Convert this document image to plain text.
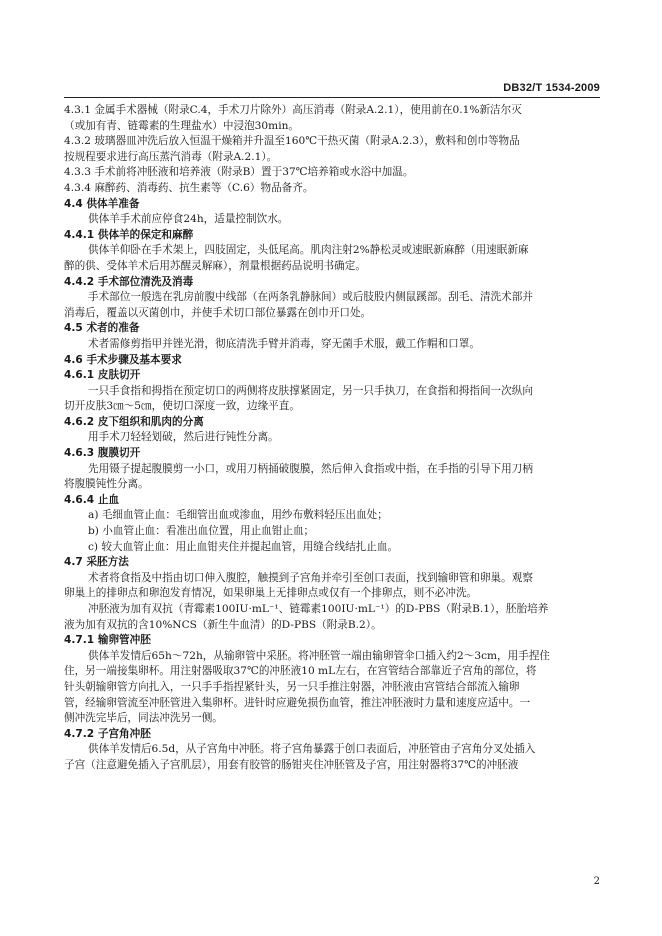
DB32/T 1534-2009
4.3.1 金属手术器械（附录C.4，手术刀片除外）高压消毒（附录A.2.1），使用前在0.1%新洁尔灭
（或加有青、链霉素的生理盐水）中浸泡30min。
4.3.2 玻璃器皿冲洗后放入恒温干燥箱并升温至160℃干热灭菌（附录A.2.3），敷料和创巾等物品
按规程要求进行高压蒸汽消毒（附录A.2.1）。
4.3.3 手术前将冲胚液和培养液（附录B）置于37℃培养箱或水浴中加温。
4.3.4 麻醉药、消毒药、抗生素等（C.6）物品备齐。
4.4 供体羊准备
供体羊手术前应停食24h，适量控制饮水。
4.4.1 供体羊的保定和麻醉
供体羊仰卧在手术架上，四肢固定，头低尾高。肌肉注射2%静松灵或速眠新麻醉（用速眠新麻
醉的供、受体羊术后用苏醒灵解麻），剂量根据药品说明书确定。
4.4.2 手术部位清洗及消毒
手术部位一般选在乳房前腹中线部（在两条乳静脉间）或后肢股内侧鼠蹊部。刮毛、清洗术部并
消毒后，覆盖以灭菌创巾，并使手术切口部位暴露在创巾开口处。
4.5 术者的准备
术者需修剪指甲并锉光滑，彻底清洗手臂并消毒，穿无菌手术服，戴工作帽和口罩。
4.6 手术步骤及基本要求
4.6.1 皮肤切开
一只手食指和拇指在预定切口的两侧将皮肤撑紧固定，另一只手执刀，在食指和拇指间一次纵向
切开皮肤3㎝～5㎝，使切口深度一致，边缘平直。
4.6.2 皮下组织和肌肉的分离
用手术刀轻轻划破，然后进行钝性分离。
4.6.3 腹膜切开
先用镊子提起腹膜剪一小口，或用刀柄捅破腹膜，然后伸入食指或中指，在手指的引导下用刀柄
将腹膜钝性分离。
4.6.4 止血
a) 毛细血管止血：毛细管出血或渗血，用纱布敷料轻压出血处；
b) 小血管止血：看准出血位置，用止血钳止血；
c) 较大血管止血：用止血钳夹住并提起血管，用缝合线结扎止血。
4.7 采胚方法
术者将食指及中指由切口伸入腹腔，触摸到子宫角并牵引至创口表面，找到输卵管和卵巢。观察
卵巢上的排卵点和卵泡发育情况，如果卵巢上无排卵点或仅有一个排卵点，则不必冲洗。
冲胚液为加有双抗（青霉素100IU·mL⁻¹、链霉素100IU·mL⁻¹）的D-PBS（附录B.1），胚胎培养
液为加有双抗的含10%NCS（新生牛血清）的D-PBS（附录B.2）。
4.7.1 输卵管冲胚
供体羊发情后65h～72h，从输卵管中采胚。将冲胚管一端由输卵管伞口插入约2～3cm，用手捏住
住，另一端接集卵杯。用注射器吸取37℃的冲胚液10 mL左右，在宫管结合部靠近子宫角的部位，将
针头朝输卵管方向扎入，一只手手指捏紧针头，另一只手推注射器，冲胚液由宫管结合部流入输卵
管，经输卵管流至冲胚管进入集卵杯。进针时应避免损伤血管，推注冲胚液时力量和速度应适中。一
侧冲洗完毕后，同法冲洗另一侧。
4.7.2 子宫角冲胚
供体羊发情后6.5d，从子宫角中冲胚。将子宫角暴露于创口表面后，冲胚管由子宫角分叉处插入
子宫（注意避免插入子宫肌层），用套有胶管的肠钳夹住冲胚管及子宫，用注射器将37℃的冲胚液
2
